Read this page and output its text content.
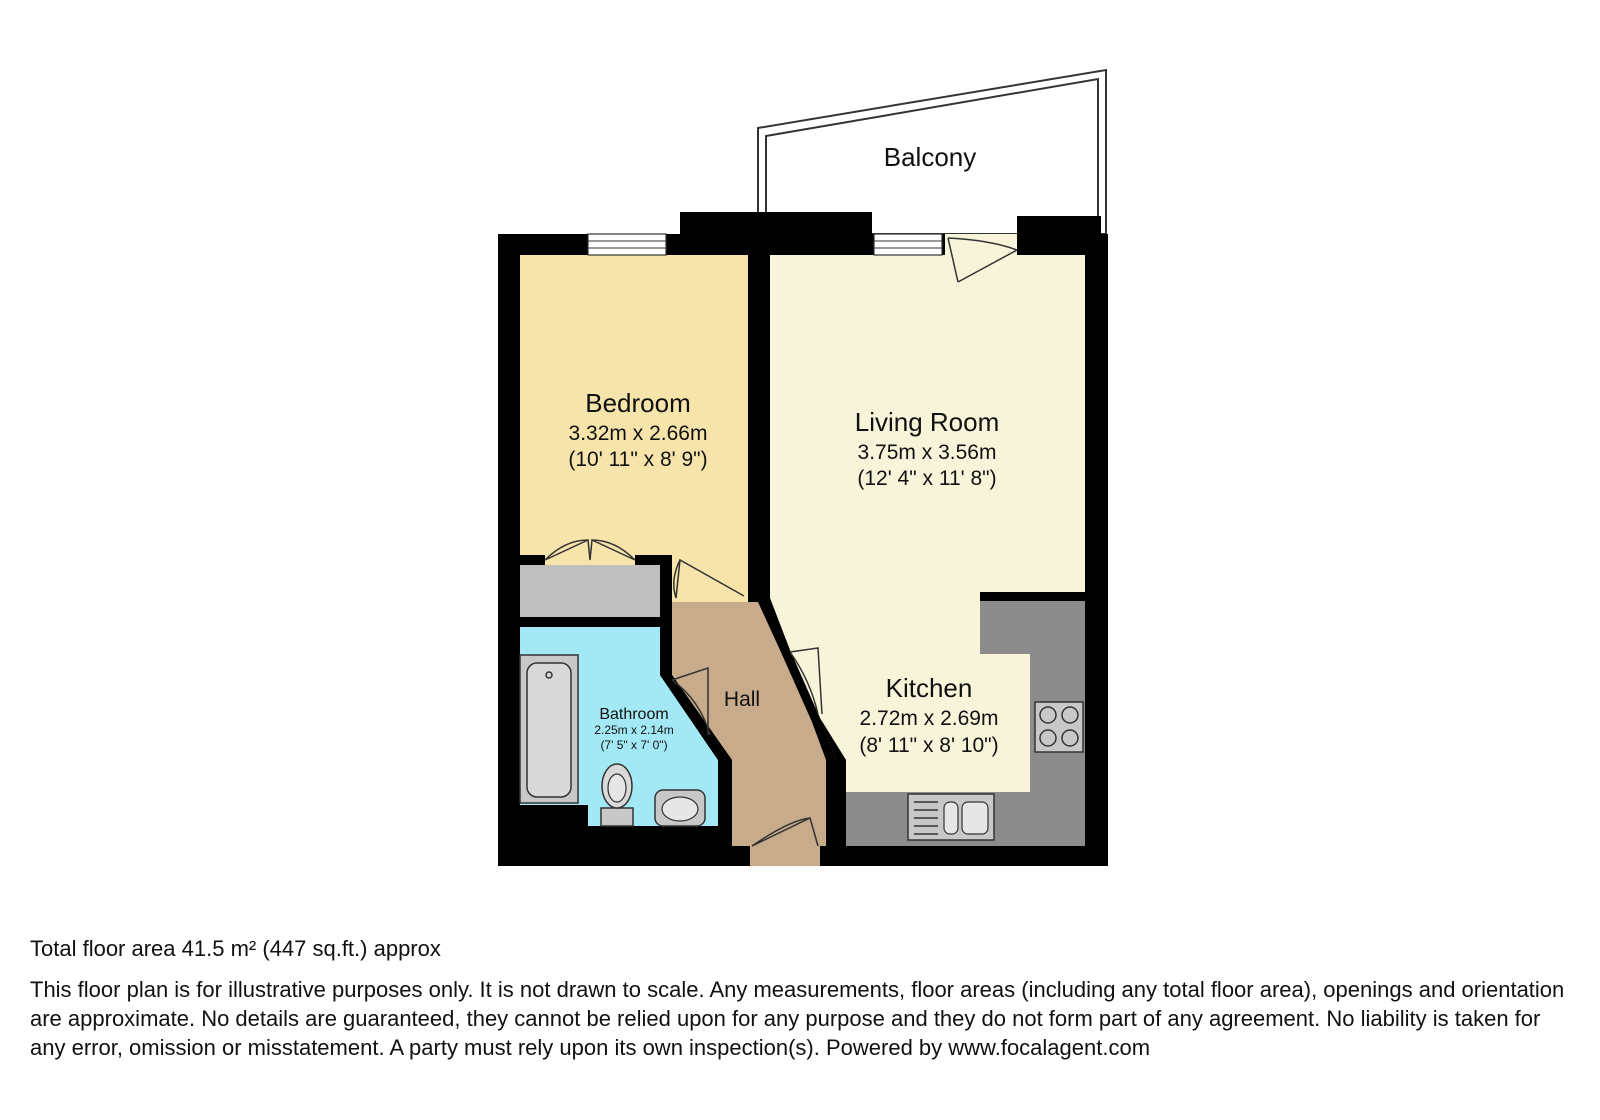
Balcony
Bedroom
3.32m x 2.66m
(10' 11" x 8' 9")
Living Room
3.75m x 3.56m
(12' 4" x 11' 8")
Kitchen
2.72m x 2.69m
(8' 11" x 8' 10")
Hall
Bathroom
2.25m x 2.14m
(7' 5" x 7' 0")

Total floor area 41.5 m² (447 sq.ft.) approx

This floor plan is for illustrative purposes only. It is not drawn to scale. Any measurements, floor areas (including any total floor area), openings and orientation are approximate. No details are guaranteed, they cannot be relied upon for any purpose and they do not form part of any agreement. No liability is taken for any error, omission or misstatement. A party must rely upon its own inspection(s). Powered by www.focalagent.com
